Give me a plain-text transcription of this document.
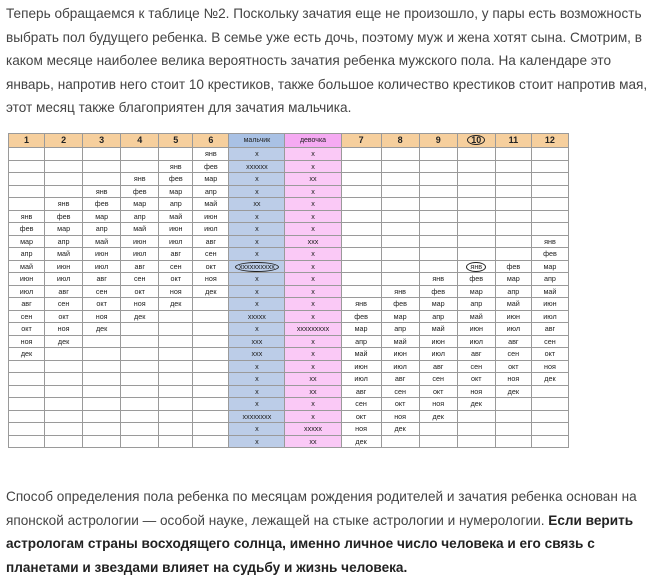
Теперь обращаемся к таблице №2. Поскольку зачатия еще не произошло, у пары есть возможность выбрать пол будущего ребенка. В семье уже есть дочь, поэтому муж и жена хотят сына. Смотрим, в каком месяце наиболее велика вероятность зачатия ребенка мужского пола. На календаре это январь, напротив него стоит 10 крестиков, также большое количество крестиков стоит напротив мая, этот месяц также благоприятен для зачатия мальчика.
1	2	3	4	5	6	мальчик	девочка	7	8	9	10	11	12
					янв	x	x						
				янв	фев	xxxxxx	x						
			янв	фев	мар	x	xx						
		янв	фев	мар	апр	x	x						
	янв	фев	мар	апр	май	xx	x						
янв	фев	мар	апр	май	июн	x	x						
фев	мар	апр	май	июн	июл	x	x						
мар	апр	май	июн	июл	авг	x	xxx						янв
апр	май	июн	июл	авг	сен	x	x						фев
май	июн	июл	авг	сен	окт	xxxxxxxxxx	x				янв	фев	мар
июн	июл	авг	сен	окт	ноя	x	x			янв	фев	мар	апр
июл	авг	сен	окт	ноя	дек	x	x		янв	фев	мар	апр	май
авг	сен	окт	ноя	дек		x	x	янв	фев	мар	апр	май	июн
сен	окт	ноя	дек			xxxxx	x	фев	мар	апр	май	июн	июл
окт	ноя	дек				x	xxxxxxxxx	мар	апр	май	июн	июл	авг
ноя	дек					xxx	x	апр	май	июн	июл	авг	сен
дек						xxx	x	май	июн	июл	авг	сен	окт
						x	x	июн	июл	авг	сен	окт	ноя
						x	xx	июл	авг	сен	окт	ноя	дек
						x	xx	авг	сен	окт	ноя	дек	
						x	x	сен	окт	ноя	дек		
						xxxxxxxx	x	окт	ноя	дек			
						x	xxxxx	ноя	дек				
						x	xx	дек					
Способ определения пола ребенка по месяцам рождения родителей и зачатия ребенка основан на японской астрологии — особой науке, лежащей на стыке астрологии и нумерологии. Если верить астрологам страны восходящего солнца, именно личное число человека и его связь с планетами и звездами влияет на судьбу и жизнь человека.
